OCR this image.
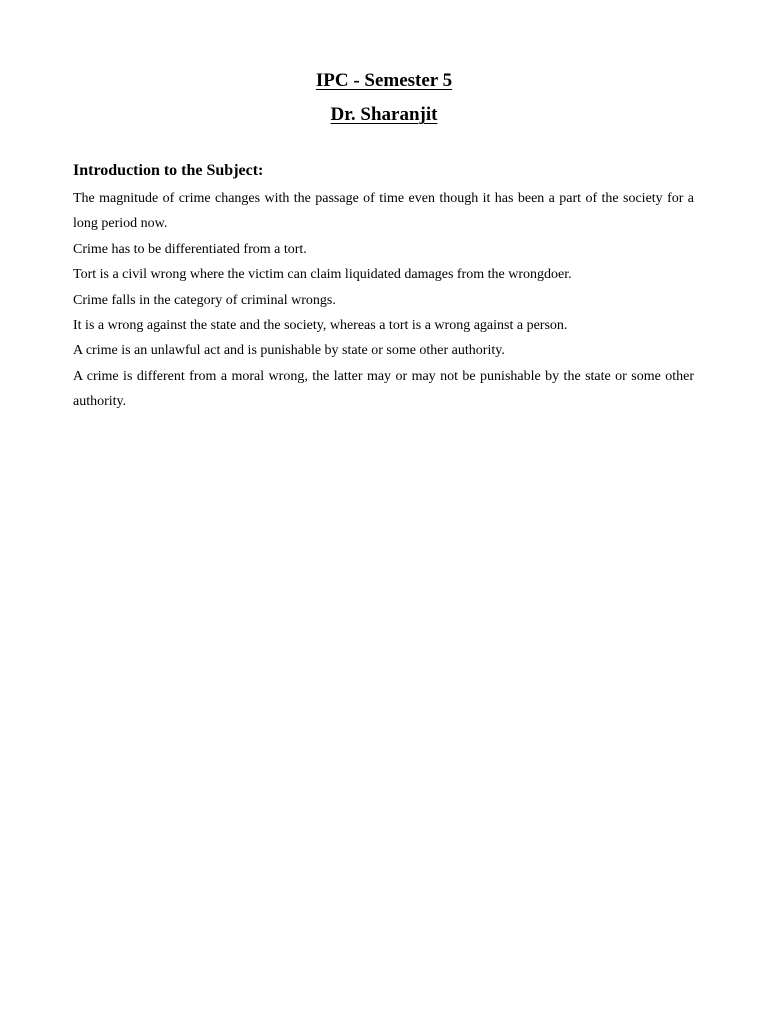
IPC - Semester 5
Dr. Sharanjit
Introduction to the Subject:

The magnitude of crime changes with the passage of time even though it has been a part of the society for a long period now.

Crime has to be differentiated from a tort.

Tort is a civil wrong where the victim can claim liquidated damages from the wrongdoer.

Crime falls in the category of criminal wrongs.

It is a wrong against the state and the society, whereas a tort is a wrong against a person.

A crime is an unlawful act and is punishable by state or some other authority.

A crime is different from a moral wrong, the latter may or may not be punishable by the state or some other authority.
